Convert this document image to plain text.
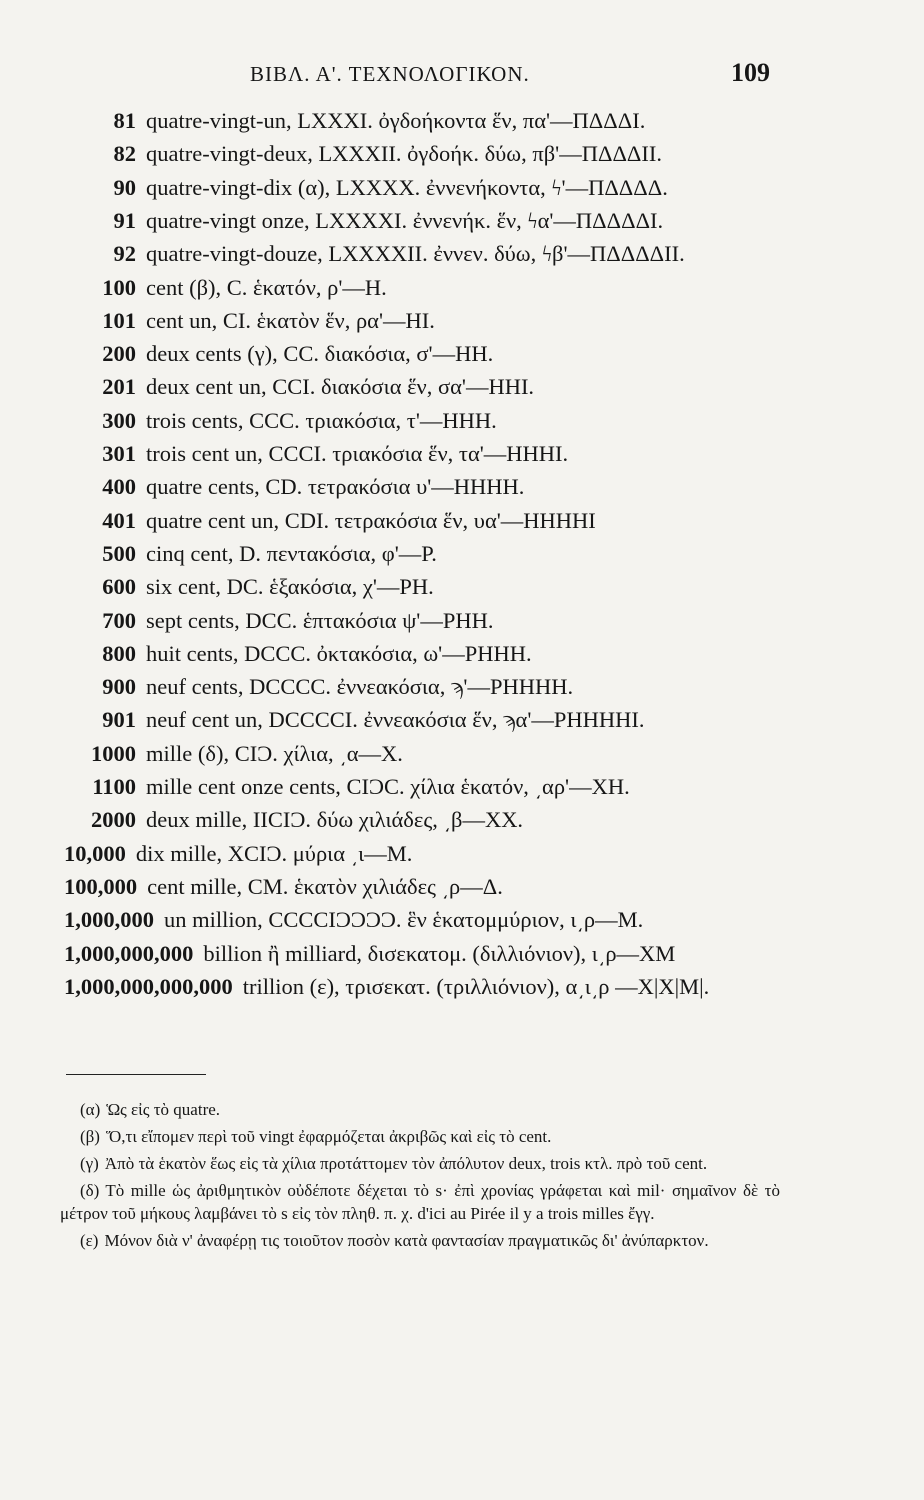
ΒΙΒΛ. Α'. ΤΕΧΝΟΛΟΓΙΚΟΝ.	109
81 quatre-vingt-un, LXXXI. ὀγδοήκοντα ἕν, πα'—ΠΔΔΔΙ.
82 quatre-vingt-deux, LXXXII. ὀγδοήκ. δύω, πβ'—ΠΔΔΔΙΙ.
90 quatre-vingt-dix (α), LXXXX. ἐννενήκοντα, ϟ'—ΠΔΔΔΔ.
91 quatre-vingt onze, LXXXXI. ἐννενήκ. ἕν, ϟα'—ΠΔΔΔΔΙ.
92 quatre-vingt-douze, LXXXXII. ἐννεν. δύω, ϟβ'—ΠΔΔΔΔΙΙ.
100 cent (β), C. ἑκατόν, ρ'—Η.
101 cent un, CI. ἑκατὸν ἕν, ρα'—ΗΙ.
200 deux cents (γ), CC. διακόσια, σ'—ΗΗ.
201 deux cent un, CCI. διακόσια ἕν, σα'—ΗΗΙ.
300 trois cents, CCC. τριακόσια, τ'—ΗΗΗ.
301 trois cent un, CCCI. τριακόσια ἕν, τα'—ΗΗΗΙ.
400 quatre cents, CD. τετρακόσια υ'—ΗΗΗΗ.
401 quatre cent un, CDI. τετρακόσια ἕν, υα'—ΗΗΗΗΙ
500 cinq cent, D. πεντακόσια, φ'—Ρ.
600 six cent, DC. ἑξακόσια, χ'—ΡΗ.
700 sept cents, DCC. ἑπτακόσια ψ'—ΡΗΗ.
800 huit cents, DCCC. ὀκτακόσια, ω'—ΡΗΗΗ.
900 neuf cents, DCCCC. ἐννεακόσια, ϡ'—ΡΗΗΗΗ.
901 neuf cent un, DCCCCI. ἐννεακόσια ἕν, ϡα'—ΡΗΗΗΗΙ.
1000 mille (δ), CIϽ. χίλια, ͵α—Χ.
1100 mille cent onze cents, CIϽC. χίλια ἑκατόν, ͵αρ'—ΧΗ.
2000 deux mille, IICIϽ. δύω χιλιάδες, ͵β—ΧΧ.
10,000 dix mille, XCIϽ. μύρια ͵ι—Μ.
100,000 cent mille, CM. ἑκατὸν χιλιάδες ͵ρ—Δ.
1,000,000 un million, CCCCIϽϽϽϽ. ἓν ἑκατομμύριον, ι͵ρ—Μ.
1,000,000,000 billion ἢ milliard, δισεκατομ. (διλλιόνιον), ι͵ρ—ΧΜ
1,000,000,000,000 trillion (ε), τρισεκατ. (τριλλιόνιον), α͵ι͵ρ —Χ|Χ|Μ|.

(α) Ὡς εἰς τὸ quatre.

(β) Ὅ,τι εἴπομεν περὶ τοῦ vingt ἐφαρμόζεται ἀκριβῶς καὶ εἰς τὸ cent.

(γ) Ἀπὸ τὰ ἑκατὸν ἕως εἰς τὰ χίλια προτάττομεν τὸν ἀπόλυτον deux, trois κτλ. πρὸ τοῦ cent.

(δ) Τὸ mille ὡς ἀριθμητικὸν οὐδέποτε δέχεται τὸ s· ἐπὶ χρονίας γράφεται καὶ mil· σημαῖνον δὲ τὸ μέτρον τοῦ μήκους λαμβάνει τὸ s εἰς τὸν πληθ. π. χ. d'ici au Pirée il y a trois milles ἔγγ.

(ε) Μόνον διὰ ν' ἀναφέρῃ τις τοιοῦτον ποσὸν κατὰ φαντασίαν πραγματικῶς δι' ἀνύπαρκτον.
